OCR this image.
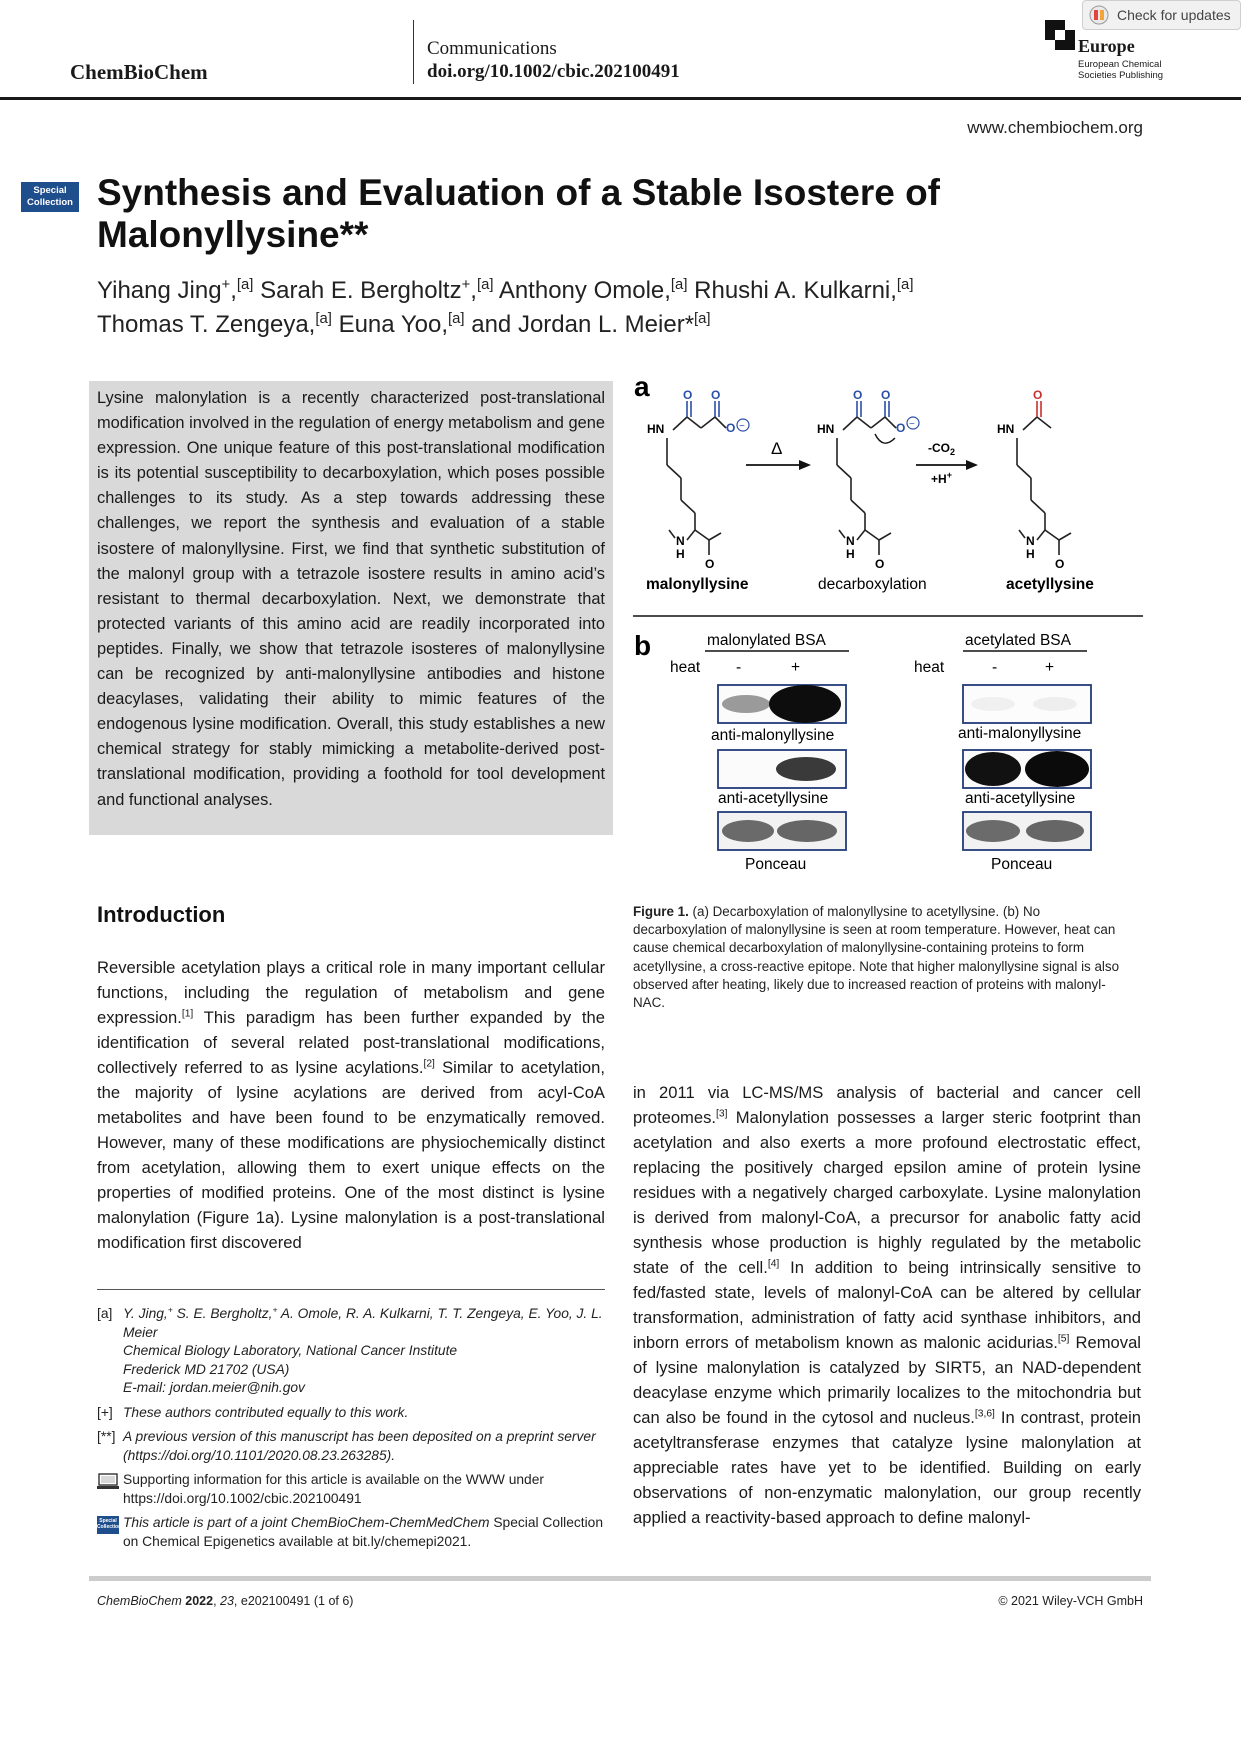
ChemBioChem
Communications
doi.org/10.1002/cbic.202100491
Europe
European Chemical Societies Publishing
Check for updates
www.chembiochem.org
Special
Collection Synthesis and Evaluation of a Stable Isostere of Malonyllysine**
Yihang Jing+,[a] Sarah E. Bergholtz+,[a] Anthony Omole,[a] Rhushi A. Kulkarni,[a]
Thomas T. Zengeya,[a] Euna Yoo,[a] and Jordan L. Meier*[a]
Lysine malonylation is a recently characterized post-translational modification involved in the regulation of energy metabolism and gene expression. One unique feature of this post-translational modification is its potential susceptibility to decarboxylation, which poses possible challenges to its study. As a step towards addressing these challenges, we report the synthesis and evaluation of a stable isostere of malonyllysine. First, we find that synthetic substitution of the malonyl group with a tetrazole isostere results in amino acid’s resistant to thermal decarboxylation. Next, we demonstrate that protected variants of this amino acid are readily incorporated into peptides. Finally, we show that tetrazole isosteres of malonyllysine can be recognized by anti-malonyllysine antibodies and histone deacylases, validating their ability to mimic features of the endogenous lysine modification. Overall, this study establishes a new chemical strategy for stably mimicking a metabolite-derived post-translational modification, providing a foothold for tool development and functional analyses.
a
HN
O O
O
N
H
O
−
Δ
HN
O O
O
N
H
O
−
$-CO_2$
+H+
HN
O
N
H
O
malonyllysine	decarboxylation	acetyllysine
b	malonylated BSA	acetylated BSA
heat -	+	heat	-	+
anti-malonyllysine
anti-acetyllysine
Ponceau
anti-malonyllysine
anti-acetyllysine
Ponceau
Figure 1. (a) Decarboxylation of malonyllysine to acetyllysine. (b) No decarboxylation of malonyllysine is seen at room temperature. However, heat can cause chemical decarboxylation of malonyllysine-containing proteins to form acetyllysine, a cross-reactive epitope. Note that higher malonyllysine signal is also observed after heating, likely due to increased reaction of proteins with malonyl-NAC.
Introduction
Reversible acetylation plays a critical role in many important cellular functions, including the regulation of metabolism and gene expression.[1] This paradigm has been further expanded by the identification of several related post-translational modifications, collectively referred to as lysine acylations.[2] Similar to acetylation, the majority of lysine acylations are derived from acyl-CoA metabolites and have been found to be enzymatically removed. However, many of these modifications are physiochemically distinct from acetylation, allowing them to exert unique effects on the properties of modified proteins. One of the most distinct is lysine malonylation (Figure 1a). Lysine malonylation is a post-translational modification first discovered
in 2011 via LC-MS/MS analysis of bacterial and cancer cell proteomes.[3] Malonylation possesses a larger steric footprint than acetylation and also exerts a more profound electrostatic effect, replacing the positively charged epsilon amine of protein lysine residues with a negatively charged carboxylate. Lysine malonylation is derived from malonyl-CoA, a precursor for anabolic fatty acid synthesis whose production is highly regulated by the metabolic state of the cell.[4] In addition to being intrinsically sensitive to fed/fasted state, levels of malonyl-CoA can be altered by cellular transformation, administration of fatty acid synthase inhibitors, and inborn errors of metabolism known as malonic acidurias.[5] Removal of lysine malonylation is catalyzed by SIRT5, an NAD-dependent deacylase enzyme which primarily localizes to the mitochondria but can also be found in the cytosol and nucleus.[3,6] In contrast, protein acetyltransferase enzymes that catalyze lysine malonylation at appreciable rates have yet to be identified. Building on early observations of non-enzymatic malonylation, our group recently applied a reactivity-based approach to define malonyl-
[a] Y. Jing,+ S. E. Bergholtz,+ A. Omole, R. A. Kulkarni, T. T. Zengeya, E. Yoo, J. L. Meier
Chemical Biology Laboratory, National Cancer Institute
Frederick MD 21702 (USA)
E-mail: jordan.meier@nih.gov
[+] These authors contributed equally to this work.
[**] A previous version of this manuscript has been deposited on a preprint server (https://doi.org/10.1101/2020.08.23.263285).
Supporting information for this article is available on the WWW under https://doi.org/10.1002/cbic.202100491
Special
Collection This article is part of a joint ChemBioChem-ChemMedChem Special Collection on Chemical Epigenetics available at bit.ly/chemepi2021.
ChemBioChem 2022, 23, e202100491 (1 of 6)	© 2021 Wiley-VCH GmbH
